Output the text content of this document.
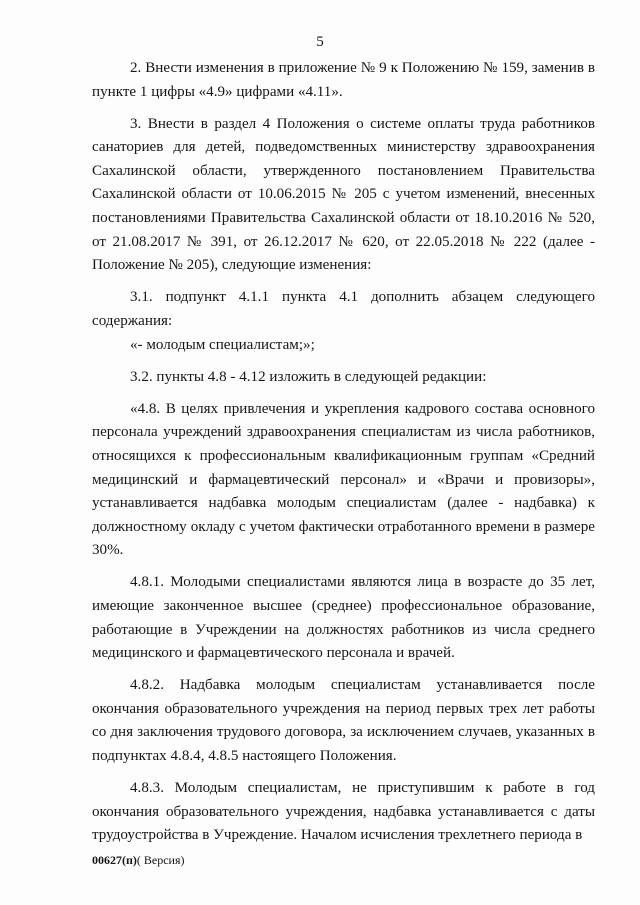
5

2. Внести изменения в приложение № 9 к Положению № 159, заменив в пункте 1 цифры «4.9» цифрами «4.11».

3. Внести в раздел 4 Положения о системе оплаты труда работников санаториев для детей, подведомственных министерству здравоохранения Сахалинской области, утвержденного постановлением Правительства Сахалинской области от 10.06.2015 № 205 с учетом изменений, внесенных постановлениями Правительства Сахалинской области от 18.10.2016 № 520, от 21.08.2017 № 391, от 26.12.2017 № 620, от 22.05.2018 № 222 (далее - Положение № 205), следующие изменения:

3.1. подпункт 4.1.1 пункта 4.1 дополнить абзацем следующего содержания:

«- молодым специалистам;»;

3.2. пункты 4.8 - 4.12 изложить в следующей редакции:

«4.8. В целях привлечения и укрепления кадрового состава основного персонала учреждений здравоохранения специалистам из числа работников, относящихся к профессиональным квалификационным группам «Средний медицинский и фармацевтический персонал» и «Врачи и провизоры», устанавливается надбавка молодым специалистам (далее - надбавка) к должностному окладу с учетом фактически отработанного времени в размере 30%.

4.8.1. Молодыми специалистами являются лица в возрасте до 35 лет, имеющие законченное высшее (среднее) профессиональное образование, работающие в Учреждении на должностях работников из числа среднего медицинского и фармацевтического персонала и врачей.

4.8.2. Надбавка молодым специалистам устанавливается после окончания образовательного учреждения на период первых трех лет работы со дня заключения трудового договора, за исключением случаев, указанных в подпунктах 4.8.4, 4.8.5 настоящего Положения.

4.8.3. Молодым специалистам, не приступившим к работе в год окончания образовательного учреждения, надбавка устанавливается с даты трудоустройства в Учреждение. Началом исчисления трехлетнего периода в

00627(п)( Версия)
